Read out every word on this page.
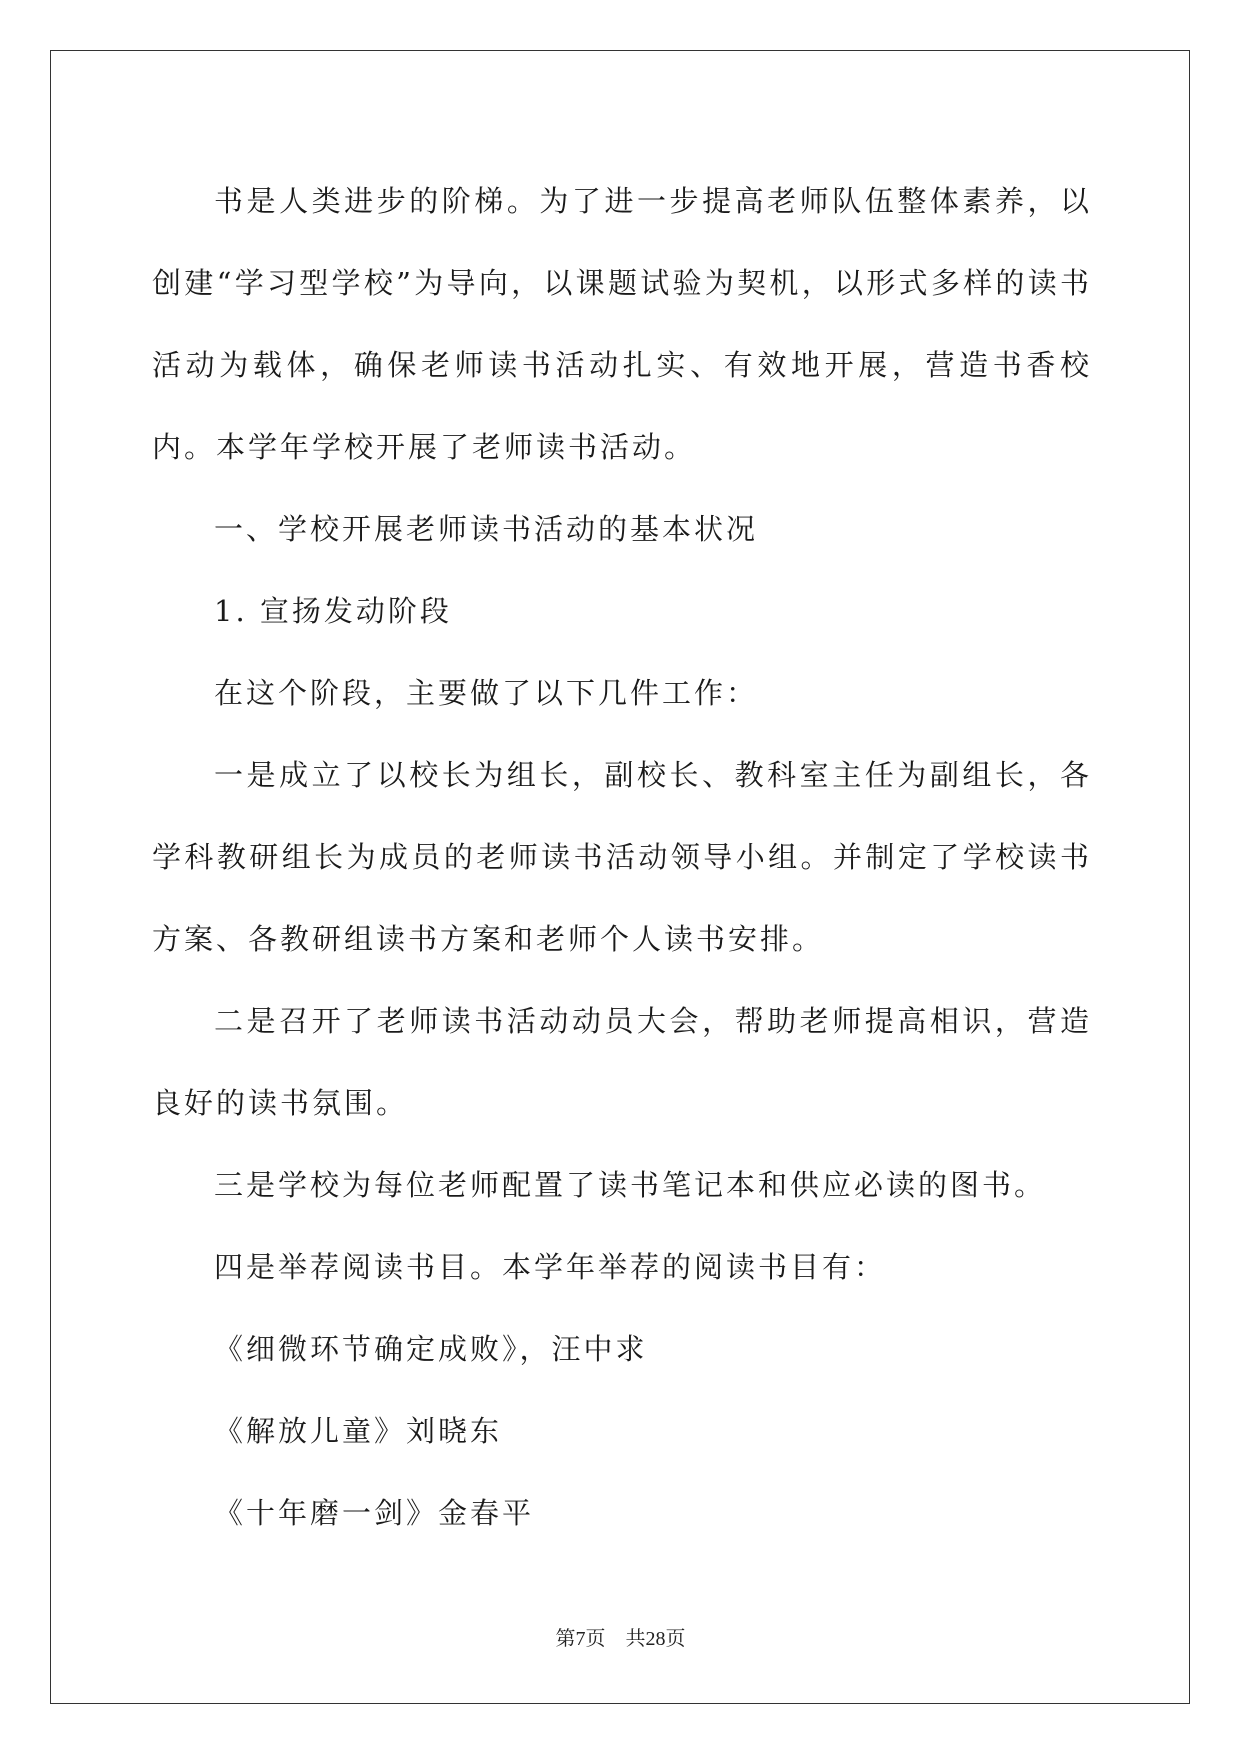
书是人类进步的阶梯。为了进一步提高老师队伍整体素养，以创建“学习型学校”为导向，以课题试验为契机，以形式多样的读书活动为载体，确保老师读书活动扎实、有效地开展，营造书香校内。本学年学校开展了老师读书活动。

一、学校开展老师读书活动的基本状况

1. 宣扬发动阶段

在这个阶段，主要做了以下几件工作：

一是成立了以校长为组长，副校长、教科室主任为副组长，各学科教研组长为成员的老师读书活动领导小组。并制定了学校读书方案、各教研组读书方案和老师个人读书安排。

二是召开了老师读书活动动员大会，帮助老师提高相识，营造良好的读书氛围。

三是学校为每位老师配置了读书笔记本和供应必读的图书。

四是举荐阅读书目。本学年举荐的阅读书目有：

《细微环节确定成败》，汪中求

《解放儿童》刘晓东

《十年磨一剑》金春平

第7页 共28页
